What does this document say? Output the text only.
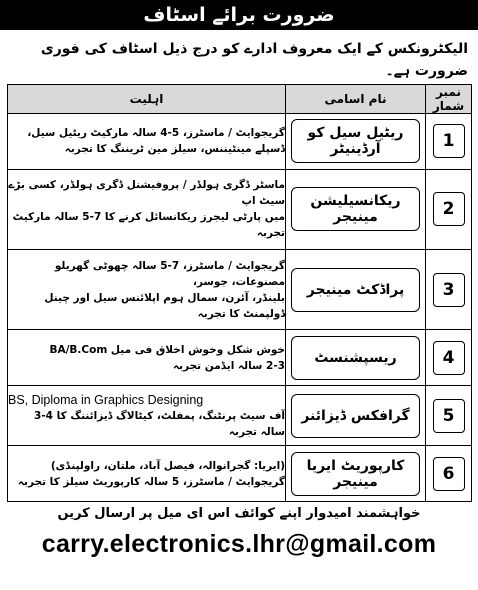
ضرورت برائے اسٹاف
الیکٹرونکس کے ایک معروف ادارے کو درج ذیل اسٹاف کی فوری ضرورت ہے۔
نمبر شمار	نام اسامی	اہلیت

1	ریٹیل سیل کو آرڈینیٹر	گریجوایٹ / ماسٹرز، 5-4 سالہ مارکیٹ ریٹیل سیل،
ڈسپلے مینٹیننس، سیلز مین ٹریننگ کا تجربہ

2	ریکانسیلیشن مینیجر	ماسٹر ڈگری ہولڈر / پروفیشنل ڈگری ہولڈر، کسی بڑے سیٹ اپ
میں پارٹی لیجرز ریکانسائل کرنے کا 7-5 سالہ مارکیٹ تجربہ

3	پراڈکٹ مینیجر	گریجوایٹ / ماسٹرز، 7-5 سالہ چھوٹی گھریلو مصنوعات، جوسر،
بلینڈر، آئرن، سمال ہوم اپلائنس سیل اور چینل ڈولپمنٹ کا تجربہ

4	ریسپشنسٹ	خوش شکل وخوش اخلاق فی میل BA/B.Com
2-3 سالہ ایڈمن تجربہ

5	گرافکس ڈیزائنر	BS, Diploma in Graphics Designing
آف سیٹ پرنٹنگ، پمفلٹ، کیٹالاگ ڈیزائننگ کا 4-3 سالہ تجربہ

6	کارپوریٹ ایریا مینیجر	(ایریا: گجرانوالہ، فیصل آباد، ملتان، راولپنڈی)
گریجوایٹ / ماسٹرز، 5 سالہ کارپوریٹ سیلز کا تجربہ
خواہشمند امیدوار اپنے کوائف اس ای میل پر ارسال کریں
carry.electronics.lhr@gmail.com
